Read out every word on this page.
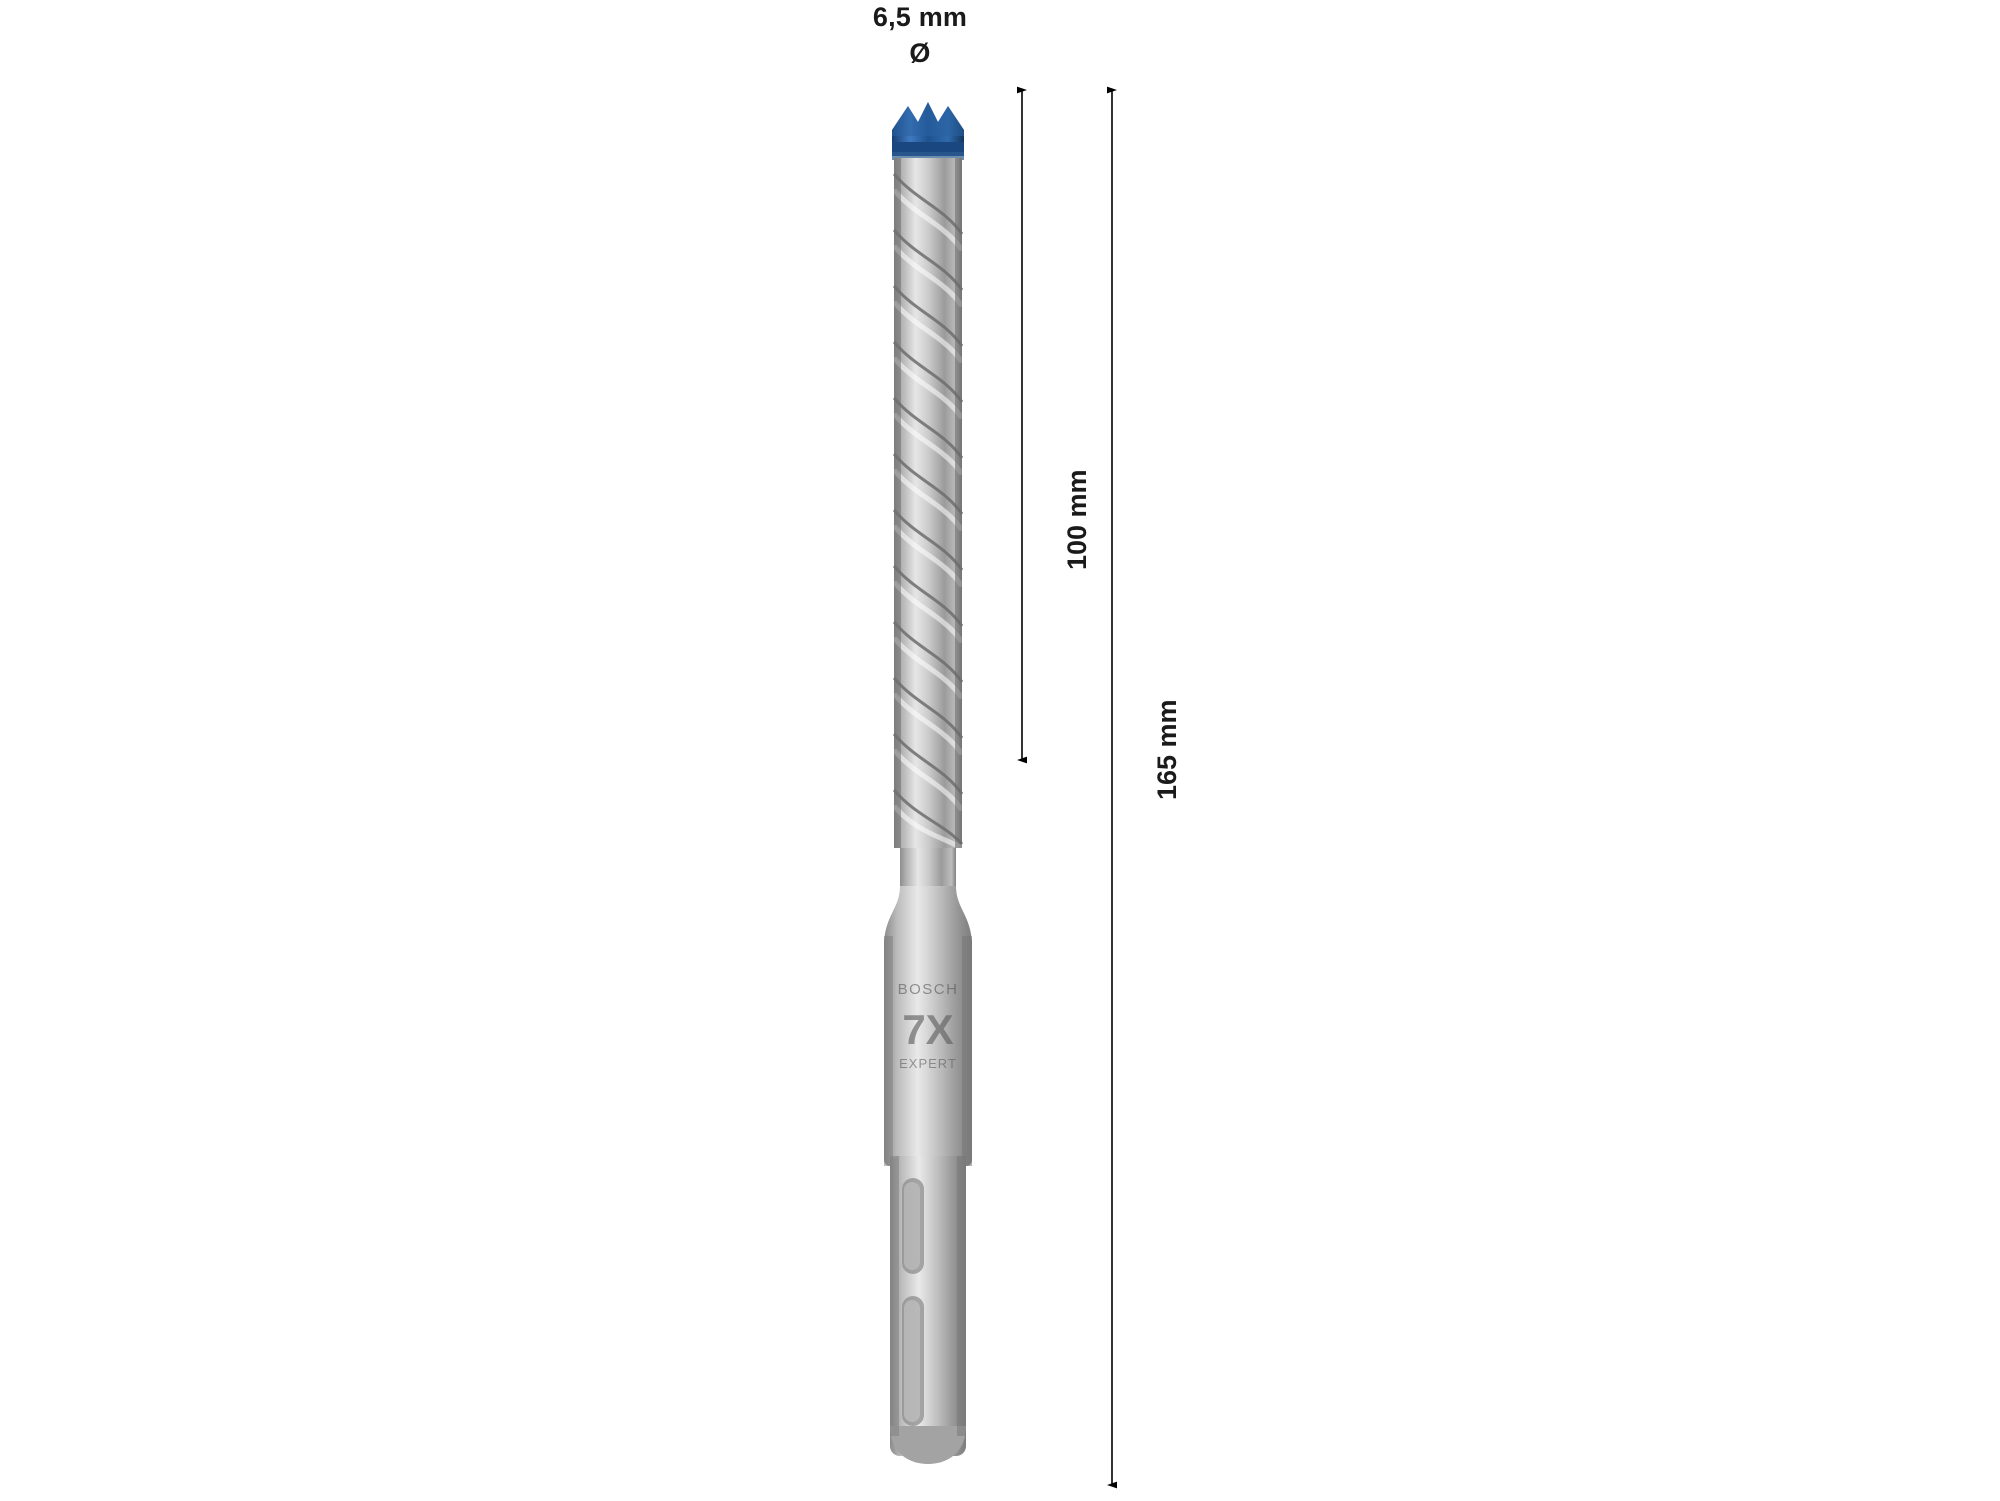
6,5 mm
Ø
BOSCH
7X
EXPERT
100 mm
165 mm
